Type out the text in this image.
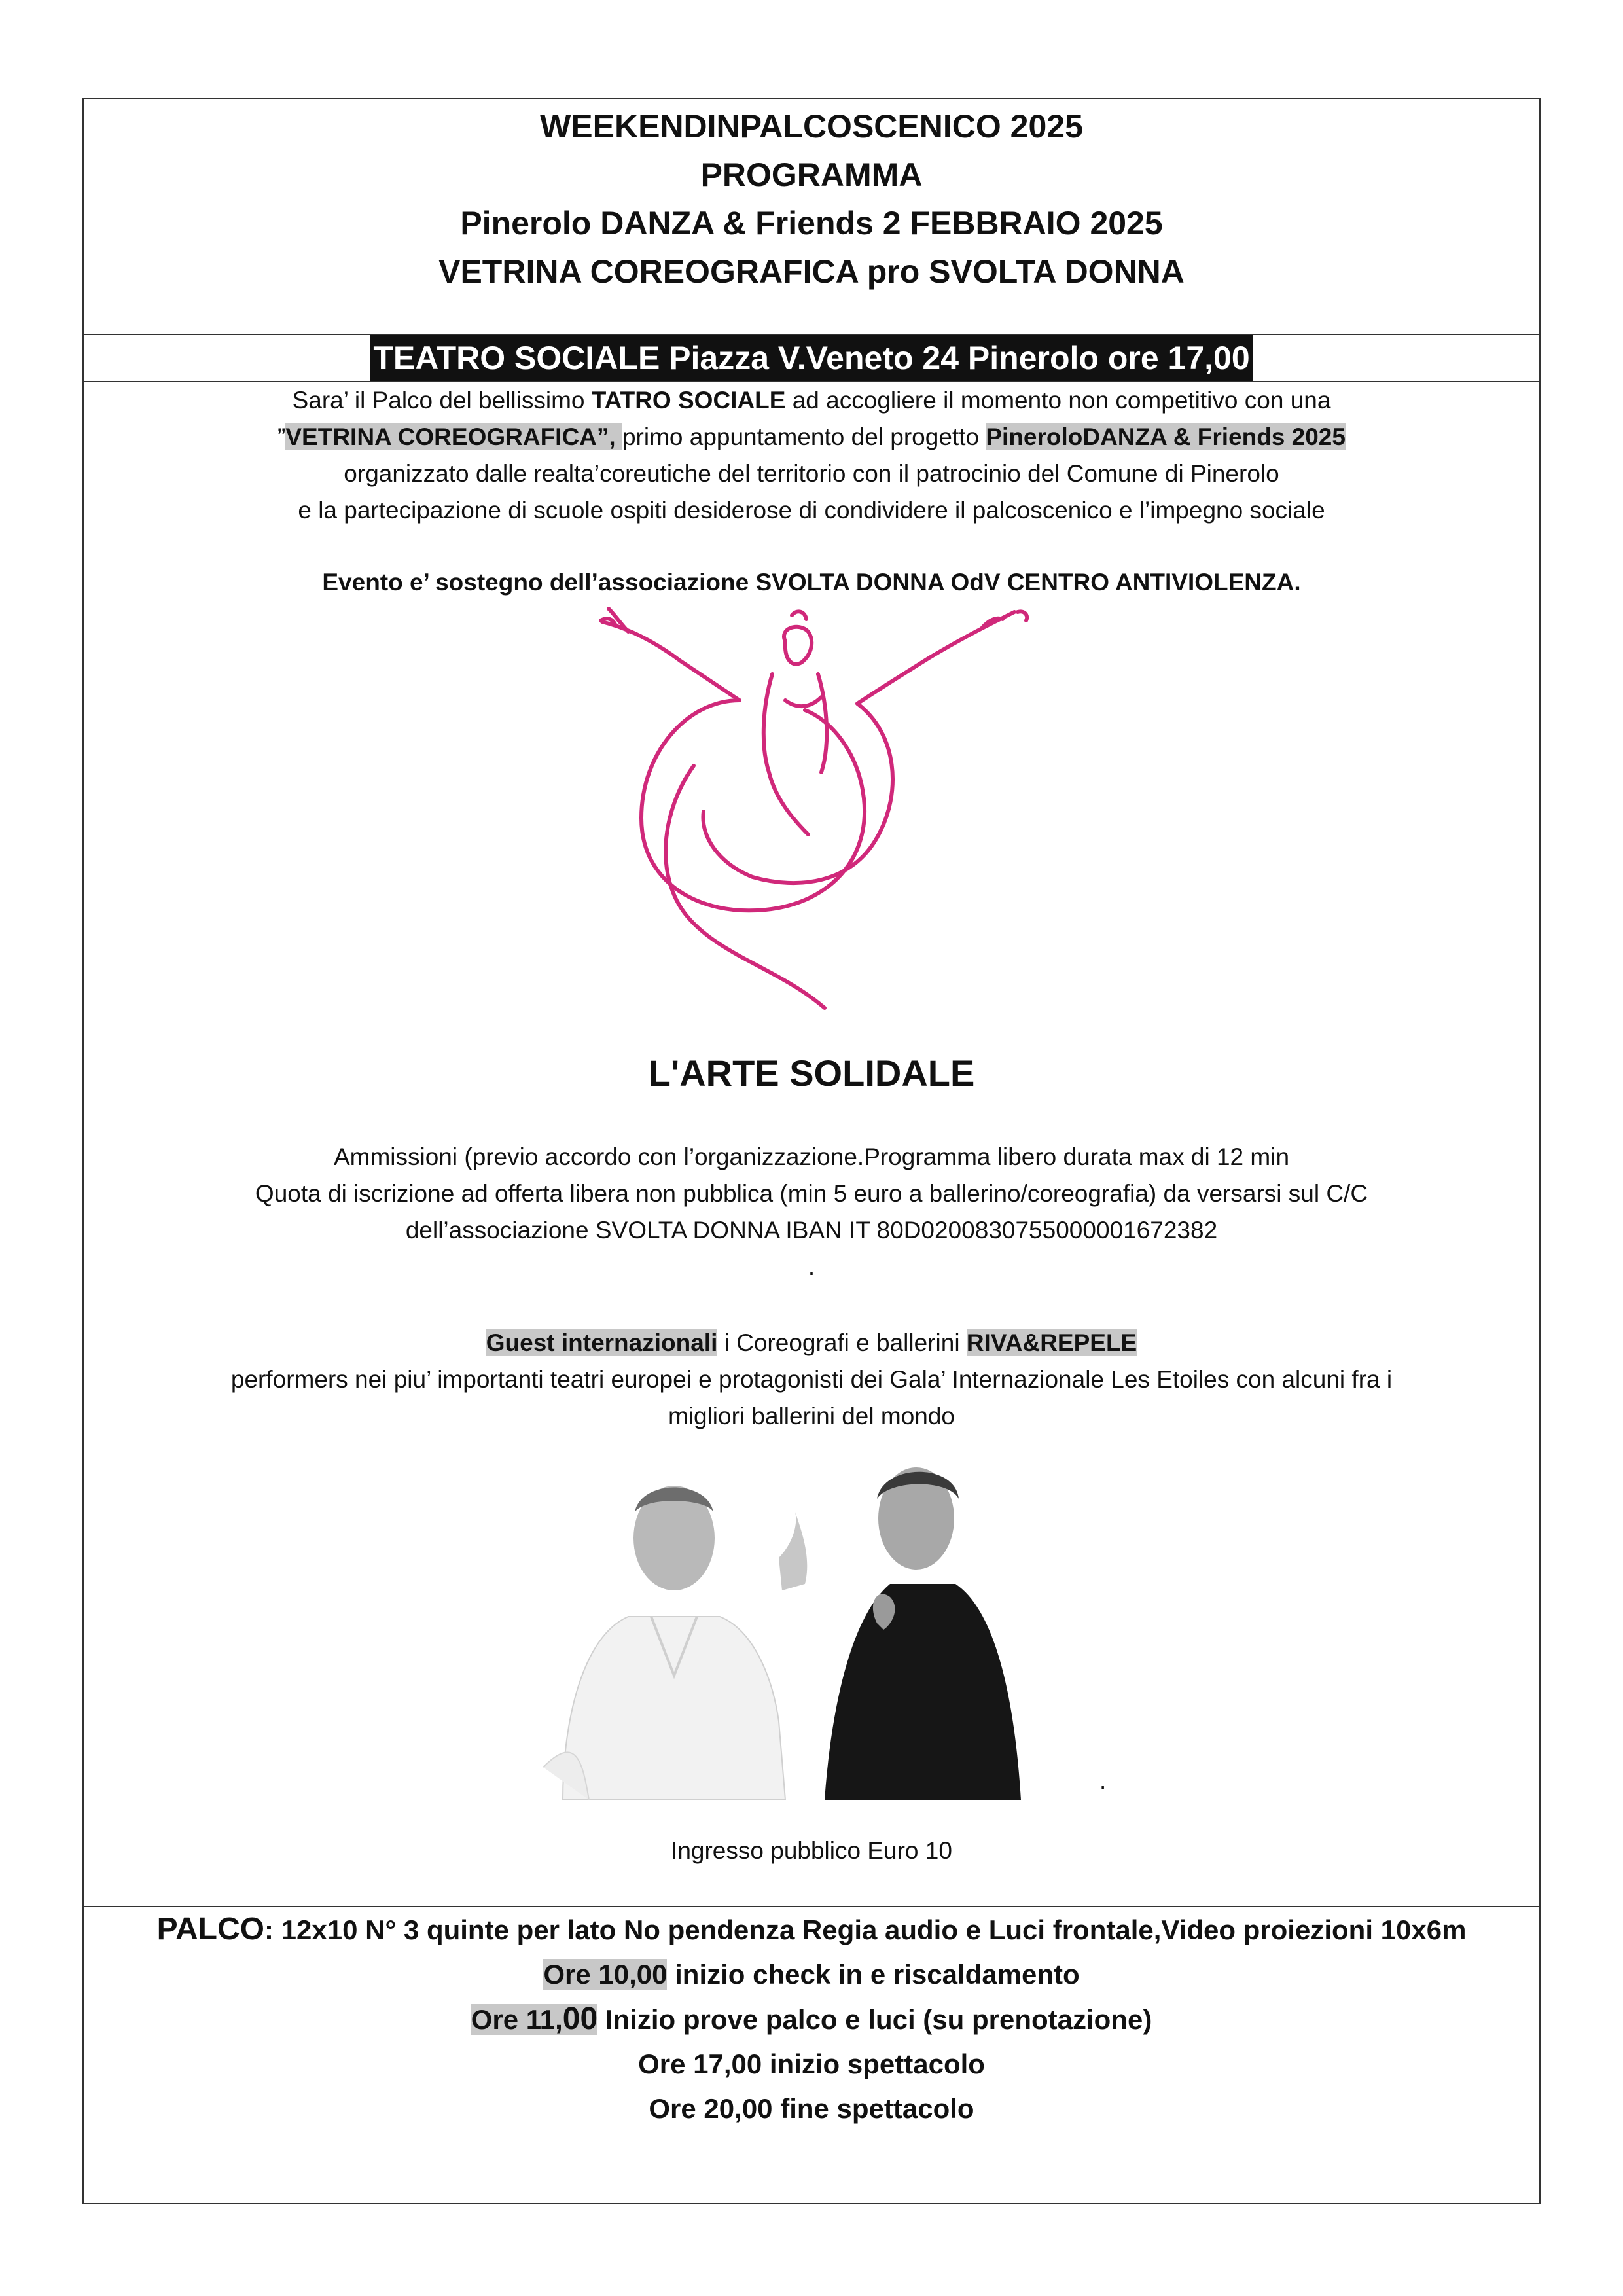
WEEKENDINPALCOSCENICO 2025
PROGRAMMA
Pinerolo DANZA & Friends 2 FEBBRAIO 2025
VETRINA COREOGRAFICA pro SVOLTA DONNA
TEATRO SOCIALE Piazza V.Veneto 24 Pinerolo ore 17,00
Sara’ il Palco del bellissimo TATRO SOCIALE ad accogliere il momento non competitivo con una
”VETRINA COREOGRAFICA”, primo appuntamento del progetto PineroloDANZA & Friends 2025
organizzato dalle realta’coreutiche del territorio con il patrocinio del Comune di Pinerolo
e la partecipazione di scuole ospiti desiderose di condividere il palcoscenico e l’impegno sociale
Evento e’ sostegno dell’associazione SVOLTA DONNA OdV CENTRO ANTIVIOLENZA.
L'ARTE SOLIDALE
Ammissioni (previo accordo con l’organizzazione.Programma libero durata max di 12 min
Quota di iscrizione ad offerta libera non pubblica (min 5 euro a ballerino/coreografia) da versarsi sul C/C
dell’associazione SVOLTA DONNA IBAN IT 80D0200830755000001672382
.
Guest internazionali i Coreografi e ballerini RIVA&REPELE
performers nei piu’ importanti teatri europei e protagonisti dei Gala’ Internazionale Les Etoiles con alcuni fra i
migliori ballerini del mondo
.
Ingresso pubblico Euro 10
PALCO: 12x10 N° 3 quinte per lato No pendenza Regia audio e Luci frontale,Video proiezioni 10x6m
Ore 10,00 inizio check in e riscaldamento
Ore 11,00 Inizio prove palco e luci (su prenotazione)
Ore 17,00 inizio spettacolo
Ore 20,00 fine spettacolo
